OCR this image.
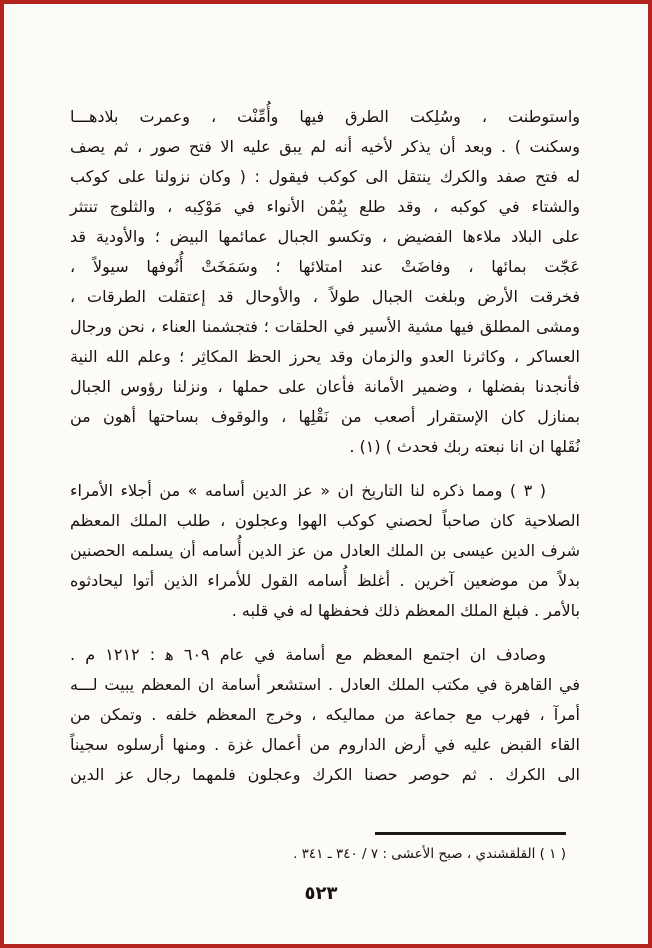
واستوطنت ، وسُلِكت الطرق فيها وأُمِّنْت ، وعمرت بلادهـــا
وسكنت ) . وبعد أن يذكر لأخيه أنه لم يبق عليه الا فتح صور ، ثم يصف
له فتح صفد والكرك ينتقل الى كوكب فيقول : ( وكان نزولنا على كوكب
والشتاء في كوكبه ، وقد طلع بِيُمْن الأنواء في مَوْكِبه ، والثلوج تنتثر
على البلاد ملاءها الفضيض ، وتكسو الجبال عمائمها البيض ؛ والأودية قد
عَجّت بمائها ، وفاضَتْ عند امتلائها ؛ وسَمَخَتْ أُنُوفها سيولاً ،
فخرقت الأرض وبلغت الجبال طولاً ، والأوحال قد إعتقلت الطرقات ،
ومشى المطلق فيها مشية الأسير في الحلقات ؛ فتجشمنا العناء ، نحن ورجال
العساكر ، وكاثرنا العدو والزمان وقد يحرز الحظ المكاثِر ؛ وعلم الله النية
فأنجدنا بفضلها ، وضمير الأمانة فأعان على حملها ، ونزلنا رؤوس الجبال
بمنازل كان الإستقرار أصعب من نَقْلِها ، والوقوف بساحتها أهون من
نُقَلها ان انا نبعته ربك فحدث ) (١) .
( ٣ ) ومما ذكره لنا التاريخ ان « عز الدين أسامه » من أجلاء الأمراء
الصلاحية كان صاحباً لحصني كوكب الهوا وعجلون ، طلب الملك المعظم
شرف الدين عيسى بن الملك العادل من عز الدين أُسامه أن يسلمه الحصنين
بدلاً من موضعين آخرين . أغلظ أُسامه القول للأمراء الذين أتوا ليحادثوه
بالأمر . فبلغ الملك المعظم ذلك فحفظها له في قلبه .
وصادف ان اجتمع المعظم مع أسامة في عام ٦٠٩ ه‍ : ١٢١٢ م .
في القاهرة في مكتب الملك العادل . استشعر أسامة ان المعظم يبيت لـــه
أمرآ ، فهرب مع جماعة من مماليكه ، وخرج المعظم خلفه . وتمكن من
القاء القبض عليه في أرض الداروم من أعمال غزة . ومنها أرسلوه سجيناً
الى الكرك . ثم حوصر حصنا الكرك وعجلون فلمهما رجال عز الدين
( ١ ) القلقشندي ، صبح الأعشى : ٧ / ٣٤٠ ـ ٣٤١ .
٥٢٣
